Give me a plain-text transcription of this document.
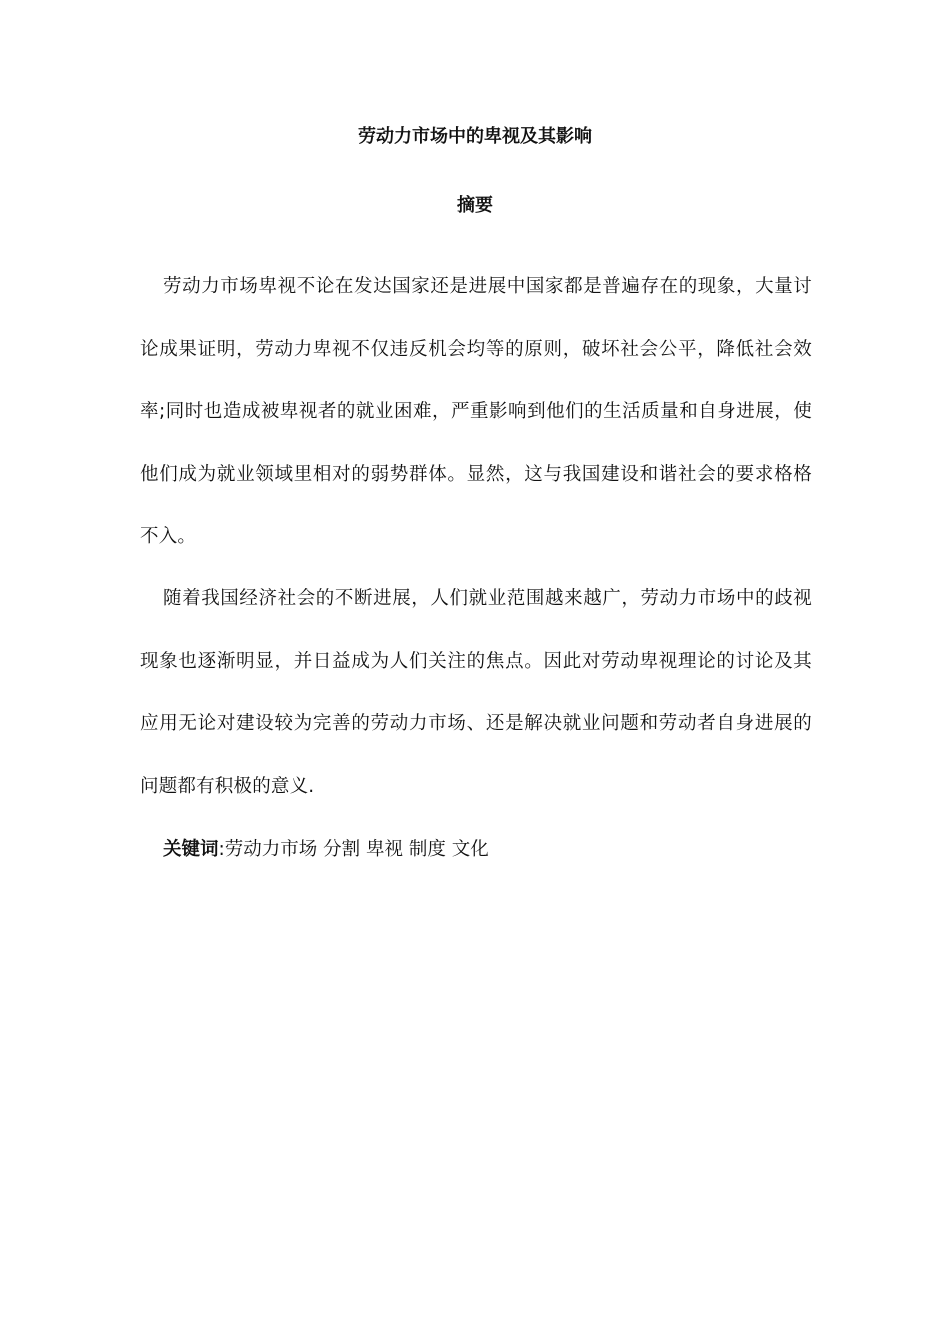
劳动力市场中的卑视及其影响
摘要

劳动力市场卑视不论在发达国家还是进展中国家都是普遍存在的现象，大量讨论成果证明，劳动力卑视不仅违反机会均等的原则，破坏社会公平，降低社会效率;同时也造成被卑视者的就业困难，严重影响到他们的生活质量和自身进展，使他们成为就业领域里相对的弱势群体。显然，这与我国建设和谐社会的要求格格不入。

随着我国经济社会的不断进展，人们就业范围越来越广，劳动力市场中的歧视现象也逐渐明显，并日益成为人们关注的焦点。因此对劳动卑视理论的讨论及其应用无论对建设较为完善的劳动力市场、还是解决就业问题和劳动者自身进展的问题都有积极的意义.

关键词:劳动力市场 分割 卑视 制度 文化
